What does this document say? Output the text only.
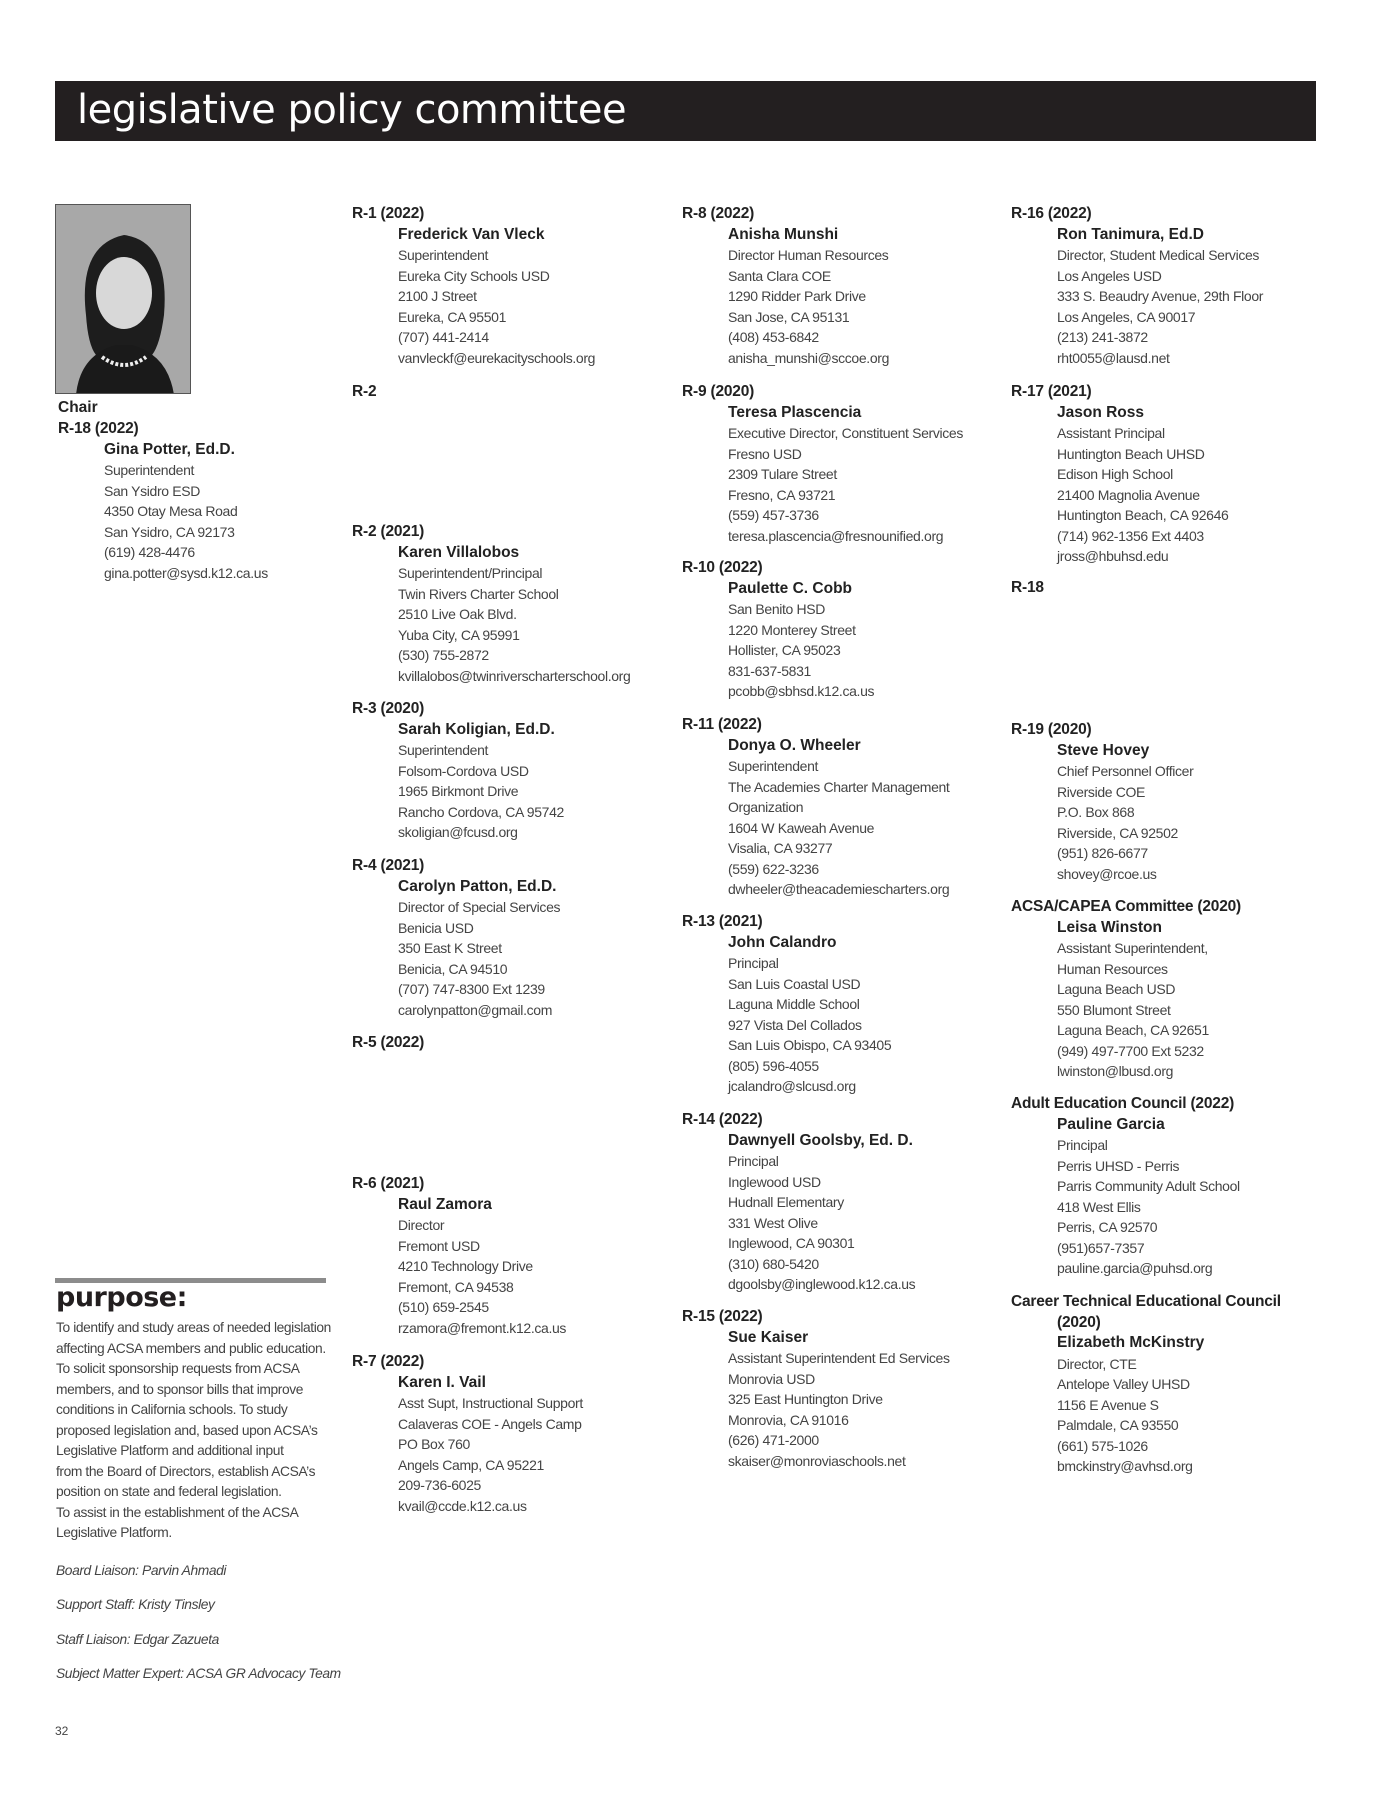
legislative policy committee
Chair
R-18 (2022)
Gina Potter, Ed.D.
Superintendent
San Ysidro ESD
4350 Otay Mesa Road
San Ysidro, CA 92173
(619) 428-4476
gina.potter@sysd.k12.ca.us
R-1 (2022)
Frederick Van Vleck
Superintendent
Eureka City Schools USD
2100 J Street
Eureka, CA 95501
(707) 441-2414
vanvleckf@eurekacityschools.org
R-2
R-2 (2021)
Karen Villalobos
Superintendent/Principal
Twin Rivers Charter School
2510 Live Oak Blvd.
Yuba City, CA 95991
(530) 755-2872
kvillalobos@twinriverscharterschool.org
R-3 (2020)
Sarah Koligian, Ed.D.
Superintendent
Folsom-Cordova USD
1965 Birkmont Drive
Rancho Cordova, CA 95742
skoligian@fcusd.org
R-4 (2021)
Carolyn Patton, Ed.D.
Director of Special Services
Benicia USD
350 East K Street
Benicia, CA 94510
(707) 747-8300 Ext 1239
carolynpatton@gmail.com
R-5 (2022)
R-6 (2021)
Raul Zamora
Director
Fremont USD
4210 Technology Drive
Fremont, CA 94538
(510) 659-2545
rzamora@fremont.k12.ca.us
R-7 (2022)
Karen I. Vail
Asst Supt, Instructional Support
Calaveras COE - Angels Camp
PO Box 760
Angels Camp, CA 95221
209-736-6025
kvail@ccde.k12.ca.us
R-8 (2022)
Anisha Munshi
Director Human Resources
Santa Clara COE
1290 Ridder Park Drive
San Jose, CA 95131
(408) 453-6842
anisha_munshi@sccoe.org
R-9 (2020)
Teresa Plascencia
Executive Director, Constituent Services
Fresno USD
2309 Tulare Street
Fresno, CA 93721
(559) 457-3736
teresa.plascencia@fresnounified.org
R-10 (2022)
Paulette C. Cobb
San Benito HSD
1220 Monterey Street
Hollister, CA 95023
831-637-5831
pcobb@sbhsd.k12.ca.us
R-11 (2022)
Donya O. Wheeler
Superintendent
The Academies Charter Management
Organization
1604 W Kaweah Avenue
Visalia, CA 93277
(559) 622-3236
dwheeler@theacademiescharters.org
R-13 (2021)
John Calandro
Principal
San Luis Coastal USD
Laguna Middle School
927 Vista Del Collados
San Luis Obispo, CA 93405
(805) 596-4055
jcalandro@slcusd.org
R-14 (2022)
Dawnyell Goolsby, Ed. D.
Principal
Inglewood USD
Hudnall Elementary
331 West Olive
Inglewood, CA 90301
(310) 680-5420
dgoolsby@inglewood.k12.ca.us
R-15 (2022)
Sue Kaiser
Assistant Superintendent Ed Services
Monrovia USD
325 East Huntington Drive
Monrovia, CA 91016
(626) 471-2000
skaiser@monroviaschools.net
R-16 (2022)
Ron Tanimura, Ed.D
Director, Student Medical Services
Los Angeles USD
333 S. Beaudry Avenue, 29th Floor
Los Angeles, CA 90017
(213) 241-3872
rht0055@lausd.net
R-17 (2021)
Jason Ross
Assistant Principal
Huntington Beach UHSD
Edison High School
21400 Magnolia Avenue
Huntington Beach, CA 92646
(714) 962-1356 Ext 4403
jross@hbuhsd.edu
R-18
R-19 (2020)
Steve Hovey
Chief Personnel Officer
Riverside COE
P.O. Box 868
Riverside, CA 92502
(951) 826-6677
shovey@rcoe.us
ACSA/CAPEA Committee (2020)
Leisa Winston
Assistant Superintendent,
Human Resources
Laguna Beach USD
550 Blumont Street
Laguna Beach, CA 92651
(949) 497-7700 Ext 5232
lwinston@lbusd.org
Adult Education Council (2022)
Pauline Garcia
Principal
Perris UHSD - Perris
Parris Community Adult School
418 West Ellis
Perris, CA 92570
(951)657-7357
pauline.garcia@puhsd.org
Career Technical Educational Council
(2020)
Elizabeth McKinstry
Director, CTE
Antelope Valley UHSD
1156 E Avenue S
Palmdale, CA 93550
(661) 575-1026
bmckinstry@avhsd.org
purpose:
To identify and study areas of needed legislation
affecting ACSA members and public education.
To solicit sponsorship requests from ACSA
members, and to sponsor bills that improve
conditions in California schools. To study
proposed legislation and, based upon ACSA’s
Legislative Platform and additional input
from the Board of Directors, establish ACSA’s
position on state and federal legislation.
To assist in the establishment of the ACSA
Legislative Platform.
Board Liaison: Parvin Ahmadi
Support Staff: Kristy Tinsley
Staff Liaison: Edgar Zazueta
Subject Matter Expert: ACSA GR Advocacy Team
32
